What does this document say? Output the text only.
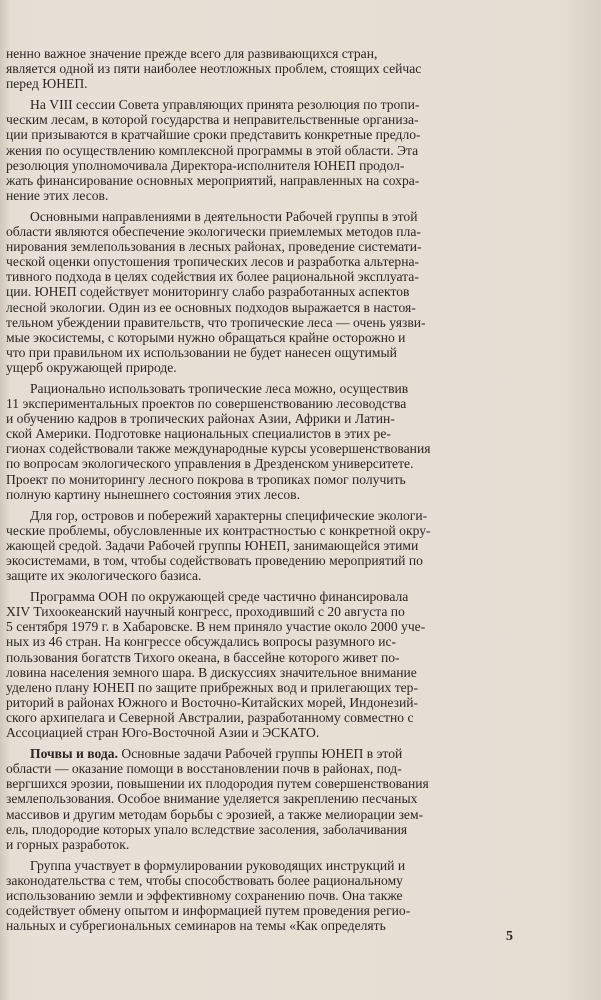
ненно важное значение прежде всего для развивающихся стран,
является одной из пяти наиболее неотложных проблем, стоящих сейчас
перед ЮНЕП.

На VIII сессии Совета управляющих принята резолюция по тропи-
ческим лесам, в которой государства и неправительственные организа-
ции призываются в кратчайшие сроки представить конкретные предло-
жения по осуществлению комплексной программы в этой области. Эта
резолюция уполномочивала Директора-исполнителя ЮНЕП продол-
жать финансирование основных мероприятий, направленных на сохра-
нение этих лесов.

Основными направлениями в деятельности Рабочей группы в этой
области являются обеспечение экологически приемлемых методов пла-
нирования землепользования в лесных районах, проведение системати-
ческой оценки опустошения тропических лесов и разработка альтерна-
тивного подхода в целях содействия их более рациональной эксплуата-
ции. ЮНЕП содействует мониторингу слабо разработанных аспектов
лесной экологии. Один из ее основных подходов выражается в настоя-
тельном убеждении правительств, что тропические леса — очень уязви-
мые экосистемы, с которыми нужно обращаться крайне осторожно и
что при правильном их использовании не будет нанесен ощутимый
ущерб окружающей природе.

Рационально использовать тропические леса можно, осуществив
11 экспериментальных проектов по совершенствованию лесоводства
и обучению кадров в тропических районах Азии, Африки и Латин-
ской Америки. Подготовке национальных специалистов в этих ре-
гионах содействовали также международные курсы усовершенствования
по вопросам экологического управления в Дрезденском университете.
Проект по мониторингу лесного покрова в тропиках помог получить
полную картину нынешнего состояния этих лесов.

Для гор, островов и побережий характерны специфические экологи-
ческие проблемы, обусловленные их контрастностью с конкретной окру-
жающей средой. Задачи Рабочей группы ЮНЕП, занимающейся этими
экосистемами, в том, чтобы содействовать проведению мероприятий по
защите их экологического базиса.

Программа ООН по окружающей среде частично финансировала
XIV Тихоокеанский научный конгресс, проходивший с 20 августа по
5 сентября 1979 г. в Хабаровске. В нем приняло участие около 2000 уче-
ных из 46 стран. На конгрессе обсуждались вопросы разумного ис-
пользования богатств Тихого океана, в бассейне которого живет по-
ловина населения земного шара. В дискуссиях значительное внимание
уделено плану ЮНЕП по защите прибрежных вод и прилегающих тер-
риторий в районах Южного и Восточно-Китайских морей, Индонезий-
ского архипелага и Северной Австралии, разработанному совместно с
Ассоциацией стран Юго-Восточной Азии и ЭСКАТО.

Почвы и вода. Основные задачи Рабочей группы ЮНЕП в этой
области — оказание помощи в восстановлении почв в районах, под-
вергшихся эрозии, повышении их плодородия путем совершенствования
землепользования. Особое внимание уделяется закреплению песчаных
массивов и другим методам борьбы с эрозией, а также мелиорации зем-
ель, плодородие которых упало вследствие засоления, заболачивания
и горных разработок.

Группа участвует в формулировании руководящих инструкций и
законодательства с тем, чтобы способствовать более рациональному
использованию земли и эффективному сохранению почв. Она также
содействует обмену опытом и информацией путем проведения регио-
нальных и субрегиональных семинаров на темы «Как определять

5
